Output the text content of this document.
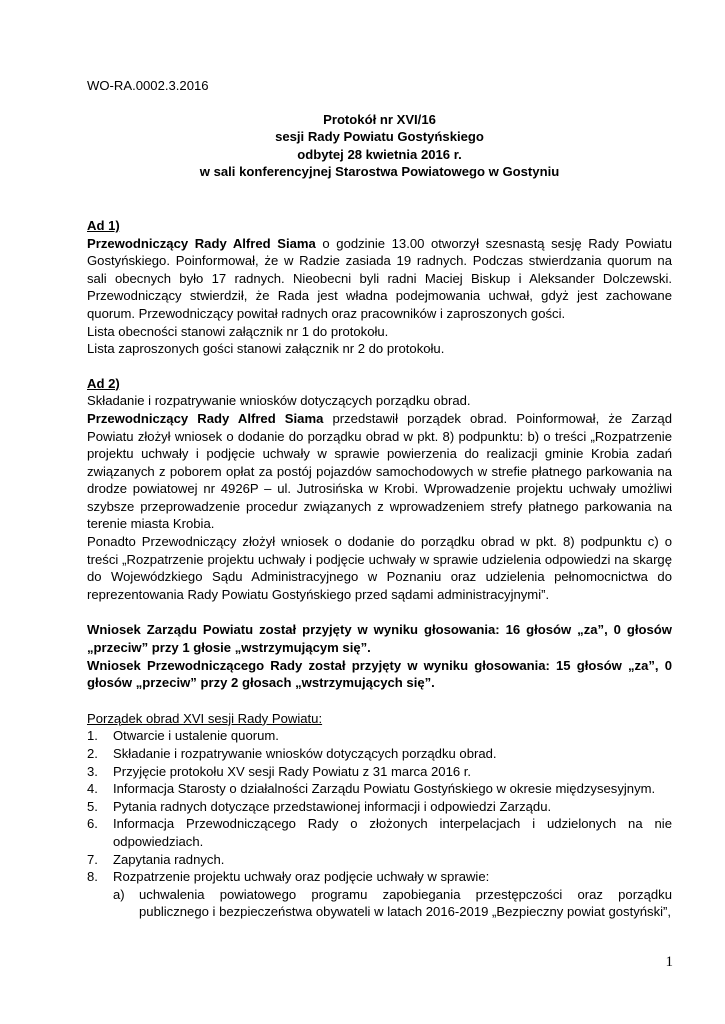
WO-RA.0002.3.2016

Protokół nr XVI/16

sesji Rady Powiatu Gostyńskiego

odbytej 28 kwietnia 2016 r.

w sali konferencyjnej Starostwa Powiatowego w Gostyniu

Ad 1)

Przewodniczący Rady Alfred Siama o godzinie 13.00 otworzył szesnastą sesję Rady Powiatu Gostyńskiego. Poinformował, że w Radzie zasiada 19 radnych. Podczas stwierdzania quorum na sali obecnych było 17 radnych. Nieobecni byli radni Maciej Biskup i Aleksander Dolczewski. Przewodniczący stwierdził, że Rada jest władna podejmowania uchwał, gdyż jest zachowane quorum. Przewodniczący powitał radnych oraz pracowników i zaproszonych gości.

Lista obecności stanowi załącznik nr 1 do protokołu.

Lista zaproszonych gości stanowi załącznik nr 2 do protokołu.

Ad 2)

Składanie i rozpatrywanie wniosków dotyczących porządku obrad.

Przewodniczący Rady Alfred Siama przedstawił porządek obrad. Poinformował, że Zarząd Powiatu złożył wniosek o dodanie do porządku obrad w pkt. 8) podpunktu: b) o treści „Rozpatrzenie projektu uchwały i podjęcie uchwały w sprawie powierzenia do realizacji gminie Krobia zadań związanych z poborem opłat za postój pojazdów samochodowych w strefie płatnego parkowania na drodze powiatowej nr 4926P – ul. Jutrosińska w Krobi. Wprowadzenie projektu uchwały umożliwi szybsze przeprowadzenie procedur związanych z wprowadzeniem strefy płatnego parkowania na terenie miasta Krobia.

Ponadto Przewodniczący złożył wniosek o dodanie do porządku obrad w pkt. 8) podpunktu c) o treści „Rozpatrzenie projektu uchwały i podjęcie uchwały w sprawie udzielenia odpowiedzi na skargę do Wojewódzkiego Sądu Administracyjnego w Poznaniu oraz udzielenia pełnomocnictwa do reprezentowania Rady Powiatu Gostyńskiego przed sądami administracyjnymi”.

Wniosek Zarządu Powiatu został przyjęty w wyniku głosowania: 16 głosów „za”, 0 głosów „przeciw” przy 1 głosie „wstrzymującym się”.

Wniosek Przewodniczącego Rady został przyjęty w wyniku głosowania: 15 głosów „za”, 0 głosów „przeciw” przy 2 głosach „wstrzymujących się”.

Porządek obrad XVI sesji Rady Powiatu:

1. Otwarcie i ustalenie quorum.
2. Składanie i rozpatrywanie wniosków dotyczących porządku obrad.
3. Przyjęcie protokołu XV sesji Rady Powiatu z 31 marca 2016 r.
4. Informacja Starosty o działalności Zarządu Powiatu Gostyńskiego w okresie międzysesyjnym.
5. Pytania radnych dotyczące przedstawionej informacji i odpowiedzi Zarządu.
6. Informacja Przewodniczącego Rady o złożonych interpelacjach i udzielonych na nie odpowiedziach.
7. Zapytania radnych.
8. Rozpatrzenie projektu uchwały oraz podjęcie uchwały w sprawie:
a) uchwalenia powiatowego programu zapobiegania przestępczości oraz porządku publicznego i bezpieczeństwa obywateli w latach 2016-2019 „Bezpieczny powiat gostyński”,
1
